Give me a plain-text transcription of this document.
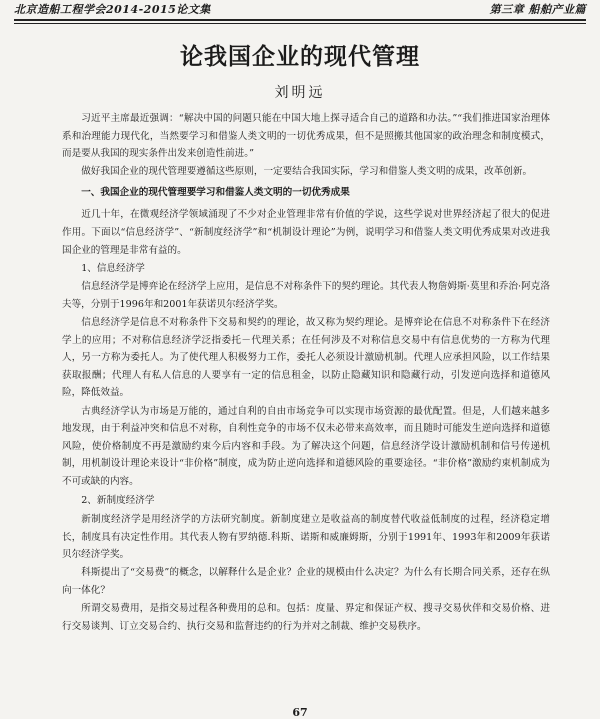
北京造船工程学会2014-2015论文集	第三章 船舶产业篇
论我国企业的现代管理
刘明远

习近平主席最近强调：“解决中国的问题只能在中国大地上探寻适合自己的道路和办法。”“我们推进国家治理体系和治理能力现代化，当然要学习和借鉴人类文明的一切优秀成果，但不是照搬其他国家的政治理念和制度模式，而是要从我国的现实条件出发来创造性前进。”

做好我国企业的现代管理要遵循这些原则，一定要结合我国实际，学习和借鉴人类文明的成果，改革创新。

一、我国企业的现代管理要学习和借鉴人类文明的一切优秀成果

近几十年，在微观经济学领域涌现了不少对企业管理非常有价值的学说，这些学说对世界经济起了很大的促进作用。下面以“信息经济学”、“新制度经济学”和“机制设计理论”为例，说明学习和借鉴人类文明优秀成果对改进我国企业的管理是非常有益的。

1、信息经济学

信息经济学是博弈论在经济学上应用，是信息不对称条件下的契约理论。其代表人物詹姆斯·莫里和乔治·阿克洛夫等，分别于1996年和2001年获诺贝尔经济学奖。

信息经济学是信息不对称条件下交易和契约的理论，故又称为契约理论。是博弈论在信息不对称条件下在经济学上的应用；不对称信息经济学泛指委托－代理关系；在任何涉及不对称信息交易中有信息优势的一方称为代理人，另一方称为委托人。为了使代理人积极努力工作，委托人必须设计激励机制。代理人应承担风险，以工作结果获取报酬；代理人有私人信息的人要享有一定的信息租金，以防止隐藏知识和隐藏行动，引发逆向选择和道德风险，降低效益。

古典经济学认为市场是万能的，通过自利的自由市场竞争可以实现市场资源的最优配置。但是，人们越来越多地发现，由于利益冲突和信息不对称，自利性竞争的市场不仅未必带来高效率，而且随时可能发生逆向选择和道德风险，使价格制度不再是激励约束今后内容和手段。为了解决这个问题，信息经济学设计激励机制和信号传递机制，用机制设计理论来设计“非价格”制度，成为防止逆向选择和道德风险的重要途径。“非价格”激励约束机制成为不可或缺的内容。

2、新制度经济学

新制度经济学是用经济学的方法研究制度。新制度建立是收益高的制度替代收益低制度的过程，经济稳定增长，制度具有决定性作用。其代表人物有罗纳德.科斯、诺斯和威廉姆斯，分别于1991年、1993年和2009年获诺贝尔经济学奖。

科斯提出了“交易费”的概念，以解释什么是企业？企业的规模由什么决定？为什么有长期合同关系，还存在纵向一体化？

所谓交易费用，是指交易过程各种费用的总和。包括：度量、界定和保证产权、搜寻交易伙伴和交易价格、进行交易谈判、订立交易合约、执行交易和监督违约的行为并对之制裁、维护交易秩序。

67
